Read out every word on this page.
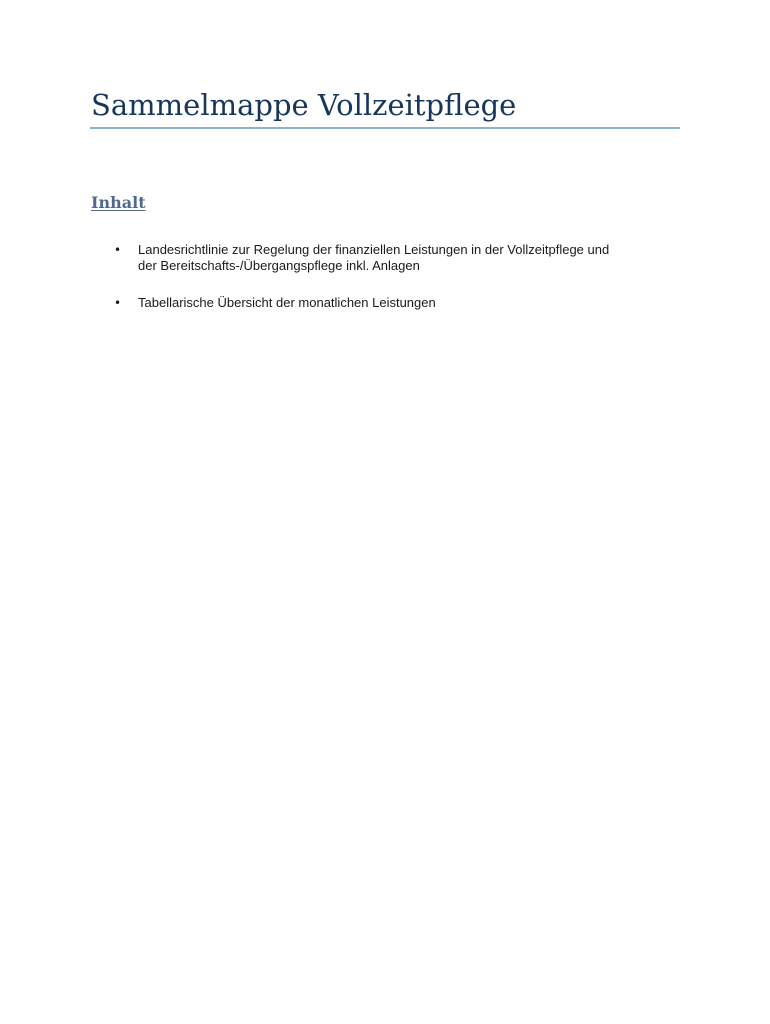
Sammelmappe Vollzeitpflege
Inhalt
• Landesrichtlinie zur Regelung der finanziellen Leistungen in der Vollzeitpflege und
der Bereitschafts-/Übergangspflege inkl. Anlagen
• Tabellarische Übersicht der monatlichen Leistungen
